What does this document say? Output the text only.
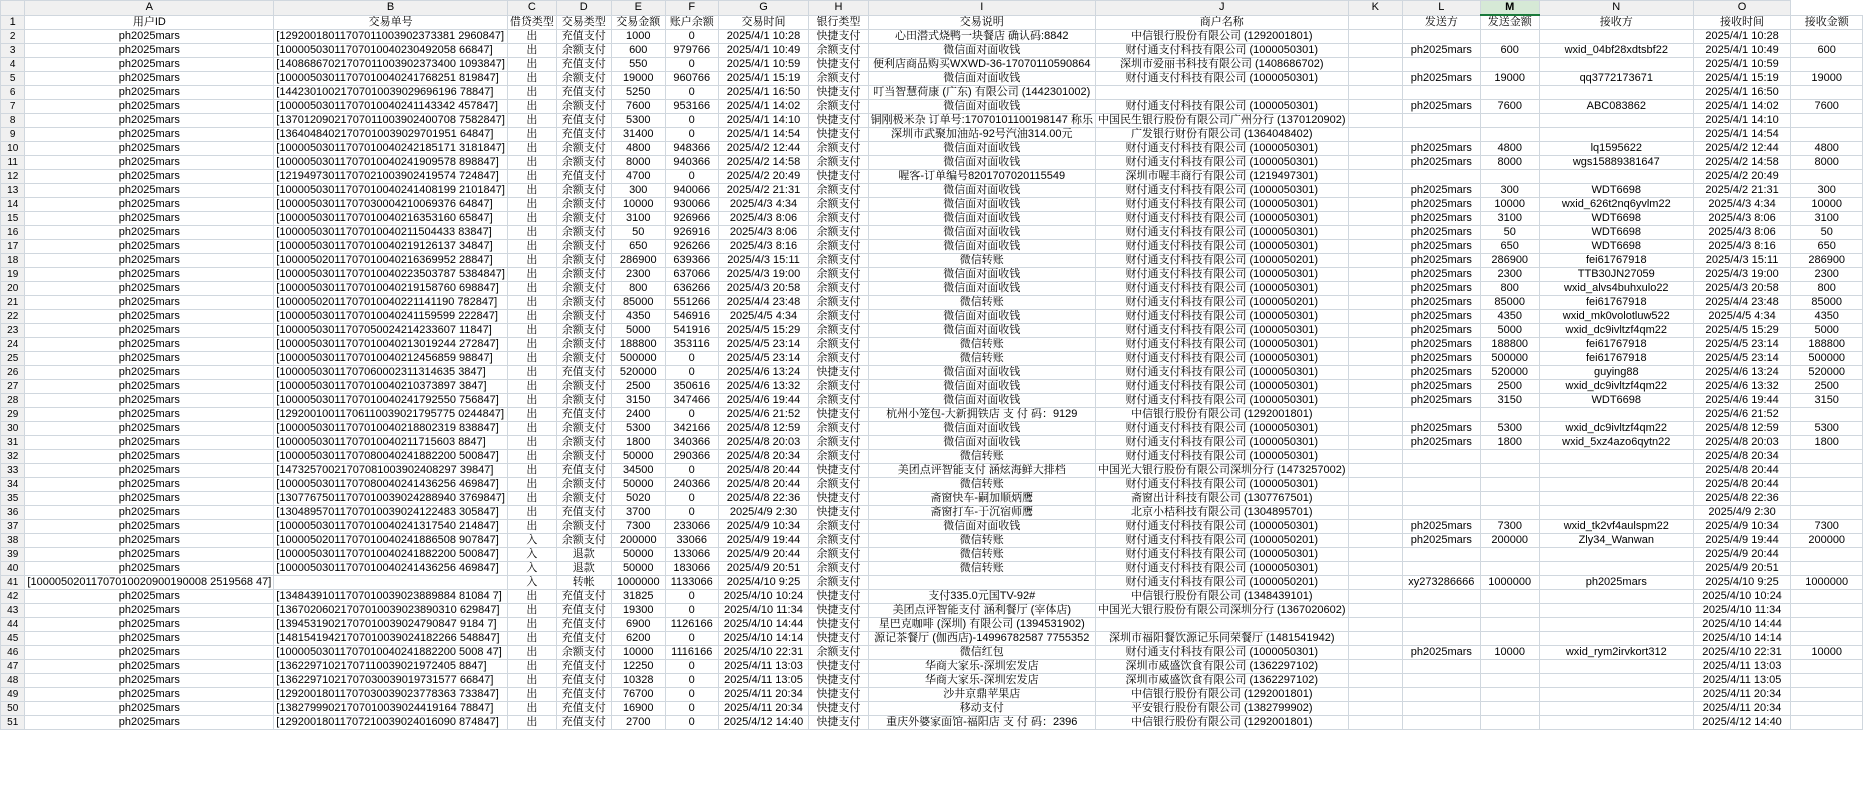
	A	B	C	D	E	F	G	H	I	J	K	L	M	N	O	
1	用户ID	交易单号	借贷类型	交易类型	交易金额	账户余额	交易时间	银行类型	交易说明	商户名称		发送方	发送金额	接收方	接收时间	接收金额
2	ph2025mars	[12920018011707011003902373381 2960847]	出	充值支付	1000	0	2025/4/1 10:28	快捷支付	心田潜式烧鸭一块餐店 确认码:8842	中信银行股份有限公司 (1292001801)					2025/4/1 10:28	
3	ph2025mars	[10000503011707010040230492058 66847]	出	余额支付	600	979766	2025/4/1 10:49	余额支付	微信面对面收钱	财付通支付科技有限公司 (1000050301)		ph2025mars	600	wxid_04bf28xdtsbf22	2025/4/1 10:49	600
4	ph2025mars	[14086867021707011003902373400 1093847]	出	充值支付	550	0	2025/4/1 10:59	快捷支付	便利店商品购买WXWD-36-17070110590864	深圳市爱丽书科技有限公司 (1408686702)					2025/4/1 10:59	
5	ph2025mars	[10000503011707010040241768251 819847]	出	余额支付	19000	960766	2025/4/1 15:19	余额支付	微信面对面收钱	财付通支付科技有限公司 (1000050301)		ph2025mars	19000	qq3772173671	2025/4/1 15:19	19000
6	ph2025mars	[14423010021707010039029696196 78847]	出	充值支付	5250	0	2025/4/1 16:50	快捷支付	叮当智慧荷康 (广东) 有限公司 (1442301002)						2025/4/1 16:50	
7	ph2025mars	[10000503011707010040241143342 457847]	出	余额支付	7600	953166	2025/4/1 14:02	余额支付	微信面对面收钱	财付通支付科技有限公司 (1000050301)		ph2025mars	7600	ABC083862	2025/4/1 14:02	7600
8	ph2025mars	[13701209021707011003902400708 7582847]	出	充值支付	5300	0	2025/4/1 14:10	快捷支付	铜刚极米杂 订单号:17070101100198147 称乐	中国民生银行股份有限公司广州分行 (1370120902)					2025/4/1 14:10	
9	ph2025mars	[13640484021707010039029701951 64847]	出	充值支付	31400	0	2025/4/1 14:54	快捷支付	深圳市武聚加油站-92号汽油314.00元	广发银行财份有限公司 (1364048402)					2025/4/1 14:54	
10	ph2025mars	[10000503011707010040242185171 3181847]	出	余额支付	4800	948366	2025/4/2 12:44	余额支付	微信面对面收钱	财付通支付科技有限公司 (1000050301)		ph2025mars	4800	lq1595622	2025/4/2 12:44	4800
11	ph2025mars	[10000503011707010040241909578 898847]	出	余额支付	8000	940366	2025/4/2 14:58	余额支付	微信面对面收钱	财付通支付科技有限公司 (1000050301)		ph2025mars	8000	wgs15889381647	2025/4/2 14:58	8000
12	ph2025mars	[12194973011707021003902419574 724847]	出	充值支付	4700	0	2025/4/2 20:49	快捷支付	喔客-订单编号8201707020115549	深圳市喔丰商行有限公司 (1219497301)					2025/4/2 20:49	
13	ph2025mars	[10000503011707010040241408199 2101847]	出	余额支付	300	940066	2025/4/2 21:31	余额支付	微信面对面收钱	财付通支付科技有限公司 (1000050301)		ph2025mars	300	WDT6698	2025/4/2 21:31	300
14	ph2025mars	[10000503011707030004210069376 64847]	出	余额支付	10000	930066	2025/4/3 4:34	余额支付	微信面对面收钱	财付通支付科技有限公司 (1000050301)		ph2025mars	10000	wxid_626t2nq6yvlm22	2025/4/3 4:34	10000
15	ph2025mars	[10000503011707010040216353160 65847]	出	余额支付	3100	926966	2025/4/3 8:06	余额支付	微信面对面收钱	财付通支付科技有限公司 (1000050301)		ph2025mars	3100	WDT6698	2025/4/3 8:06	3100
16	ph2025mars	[10000503011707010040211504433 83847]	出	余额支付	50	926916	2025/4/3 8:06	余额支付	微信面对面收钱	财付通支付科技有限公司 (1000050301)		ph2025mars	50	WDT6698	2025/4/3 8:06	50
17	ph2025mars	[10000503011707010040219126137 34847]	出	余额支付	650	926266	2025/4/3 8:16	余额支付	微信面对面收钱	财付通支付科技有限公司 (1000050301)		ph2025mars	650	WDT6698	2025/4/3 8:16	650
18	ph2025mars	[10000502011707010040216369952 28847]	出	余额支付	286900	639366	2025/4/3 15:11	余额支付	微信转账	财付通支付科技有限公司 (1000050201)		ph2025mars	286900	fei61767918	2025/4/3 15:11	286900
19	ph2025mars	[10000503011707010040223503787 5384847]	出	余额支付	2300	637066	2025/4/3 19:00	余额支付	微信面对面收钱	财付通支付科技有限公司 (1000050301)		ph2025mars	2300	TTB30JN27059	2025/4/3 19:00	2300
20	ph2025mars	[10000503011707010040219158760 698847]	出	余额支付	800	636266	2025/4/3 20:58	余额支付	微信面对面收钱	财付通支付科技有限公司 (1000050301)		ph2025mars	800	wxid_alvs4buhxulo22	2025/4/3 20:58	800
21	ph2025mars	[10000502011707010040221141190 782847]	出	余额支付	85000	551266	2025/4/4 23:48	余额支付	微信转账	财付通支付科技有限公司 (1000050201)		ph2025mars	85000	fei61767918	2025/4/4 23:48	85000
22	ph2025mars	[10000503011707010040241159599 222847]	出	余额支付	4350	546916	2025/4/5 4:34	余额支付	微信面对面收钱	财付通支付科技有限公司 (1000050301)		ph2025mars	4350	wxid_mk0volotluw522	2025/4/5 4:34	4350
23	ph2025mars	[10000503011707050024214233607 11847]	出	余额支付	5000	541916	2025/4/5 15:29	余额支付	微信面对面收钱	财付通支付科技有限公司 (1000050301)		ph2025mars	5000	wxid_dc9ivltzf4qm22	2025/4/5 15:29	5000
24	ph2025mars	[10000503011707010040213019244 272847]	出	余额支付	188800	353116	2025/4/5 23:14	余额支付	微信转账	财付通支付科技有限公司 (1000050301)		ph2025mars	188800	fei61767918	2025/4/5 23:14	188800
25	ph2025mars	[10000503011707010040212456859 98847]	出	余额支付	500000	0	2025/4/5 23:14	余额支付	微信转账	财付通支付科技有限公司 (1000050301)		ph2025mars	500000	fei61767918	2025/4/5 23:14	500000
26	ph2025mars	[10000503011707060002311314635 3847]	出	充值支付	520000	0	2025/4/6 13:24	快捷支付	微信面对面收钱	财付通支付科技有限公司 (1000050301)		ph2025mars	520000	guying88	2025/4/6 13:24	520000
27	ph2025mars	[10000503011707010040210373897 3847]	出	余额支付	2500	350616	2025/4/6 13:32	余额支付	微信面对面收钱	财付通支付科技有限公司 (1000050301)		ph2025mars	2500	wxid_dc9ivltzf4qm22	2025/4/6 13:32	2500
28	ph2025mars	[10000503011707010040241792550 756847]	出	余额支付	3150	347466	2025/4/6 19:44	余额支付	微信面对面收钱	财付通支付科技有限公司 (1000050301)		ph2025mars	3150	WDT6698	2025/4/6 19:44	3150
29	ph2025mars	[12920010011706110039021795775 0244847]	出	充值支付	2400	0	2025/4/6 21:52	快捷支付	杭州小笼包-大新拥铁店 支 付 码：9129	中信银行股份有限公司 (1292001801)					2025/4/6 21:52	
30	ph2025mars	[10000503011707010040218802319 838847]	出	余额支付	5300	342166	2025/4/8 12:59	余额支付	微信面对面收钱	财付通支付科技有限公司 (1000050301)		ph2025mars	5300	wxid_dc9ivltzf4qm22	2025/4/8 12:59	5300
31	ph2025mars	[10000503011707010040211715603 8847]	出	余额支付	1800	340366	2025/4/8 20:03	余额支付	微信面对面收钱	财付通支付科技有限公司 (1000050301)		ph2025mars	1800	wxid_5xz4azo6qytn22	2025/4/8 20:03	1800
32	ph2025mars	[10000503011707080040241882200 500847]	出	余额支付	50000	290366	2025/4/8 20:34	余额支付	微信转账	财付通支付科技有限公司 (1000050301)					2025/4/8 20:34	
33	ph2025mars	[14732570021707081003902408297 39847]	出	充值支付	34500	0	2025/4/8 20:44	快捷支付	美团点评智能支付 涵炫海鲜大排档	中国光大银行股份有限公司深圳分行 (1473257002)					2025/4/8 20:44	
34	ph2025mars	[10000503011707080040241436256 469847]	出	余额支付	50000	240366	2025/4/8 20:44	余额支付	微信转账	财付通支付科技有限公司 (1000050301)					2025/4/8 20:44	
35	ph2025mars	[13077675011707010039024288940 3769847]	出	余额支付	5020	0	2025/4/8 22:36	快捷支付	斋窗快车-嗣加顺炳鹰	斋窗出计科技有限公司 (1307767501)					2025/4/8 22:36	
36	ph2025mars	[13048957011707010039024122483 305847]	出	充值支付	3700	0	2025/4/9 2:30	快捷支付	斋窗打车-于沉宿师鹰	北京小桔科技有限公司 (1304895701)					2025/4/9 2:30	
37	ph2025mars	[10000503011707010040241317540 214847]	出	余额支付	7300	233066	2025/4/9 10:34	余额支付	微信面对面收钱	财付通支付科技有限公司 (1000050301)		ph2025mars	7300	wxid_tk2vf4aulspm22	2025/4/9 10:34	7300
38	ph2025mars	[10000502011707010040241886508 907847]	入	余额支付	200000	33066	2025/4/9 19:44	余额支付	微信转账	财付通支付科技有限公司 (1000050201)		ph2025mars	200000	Zly34_Wanwan	2025/4/9 19:44	200000
39	ph2025mars	[10000503011707010040241882200 500847]	入	退款	50000	133066	2025/4/9 20:44	余额支付	微信转账	财付通支付科技有限公司 (1000050301)					2025/4/9 20:44	
40	ph2025mars	[10000503011707010040241436256 469847]	入	退款	50000	183066	2025/4/9 20:51	余额支付	微信转账	财付通支付科技有限公司 (1000050301)					2025/4/9 20:51	
41	[10000502011707010020900190008 2519568 47]		入	转帐	1000000	1133066	2025/4/10 9:25	余额支付		财付通支付科技有限公司 (1000050201)		xy273286666	1000000	ph2025mars	2025/4/10 9:25	1000000
42	ph2025mars	[13484391011707010039023889884 81084 7]	出	充值支付	31825	0	2025/4/10 10:24	快捷支付	支付335.0元国TV-92#	中信银行股份有限公司 (1348439101)					2025/4/10 10:24	
43	ph2025mars	[13670206021707010039023890310 629847]	出	充值支付	19300	0	2025/4/10 11:34	快捷支付	美团点评智能支付 涵利餐厅 (宰体店)	中国光大银行股份有限公司深圳分行 (1367020602)					2025/4/10 11:34	
44	ph2025mars	[13945319021707010039024790847 9184 7]	出	充值支付	6900	1126166	2025/4/10 14:44	快捷支付	星巴克咖啡 (深圳) 有限公司 (1394531902)						2025/4/10 14:44	
45	ph2025mars	[14815419421707010039024182266 548847]	出	充值支付	6200	0	2025/4/10 14:14	快捷支付	源记茶餐厅 (伽西店)-14996782587 7755352	深圳市福阳餐饮源记乐同荣餐厅 (1481541942)					2025/4/10 14:14	
46	ph2025mars	[10000503011707010040241882200 5008 47]	出	余额支付	10000	1116166	2025/4/10 22:31	余额支付	微信红包	财付通支付科技有限公司 (1000050301)		ph2025mars	10000	wxid_rym2irvkort312	2025/4/10 22:31	10000
47	ph2025mars	[13622971021707110039021972405 8847]	出	充值支付	12250	0	2025/4/11 13:03	快捷支付	华商大家乐-深圳宏发店	深圳市威盛饮食有限公司 (1362297102)					2025/4/11 13:03	
48	ph2025mars	[13622971021707030039019731577 66847]	出	充值支付	10328	0	2025/4/11 13:05	快捷支付	华商大家乐-深圳宏发店	深圳市威盛饮食有限公司 (1362297102)					2025/4/11 13:05	
49	ph2025mars	[12920018011707030039023778363 733847]	出	充值支付	76700	0	2025/4/11 20:34	快捷支付	沙井京鼎苹果店	中信银行股份有限公司 (1292001801)					2025/4/11 20:34	
50	ph2025mars	[13827999021707010039024419164 78847]	出	充值支付	16900	0	2025/4/11 20:34	快捷支付	移动支付	平安银行股份有限公司 (1382799902)					2025/4/11 20:34	
51	ph2025mars	[12920018011707210039024016090 874847]	出	充值支付	2700	0	2025/4/12 14:40	快捷支付	重庆外婆家面馆-福阳店 支 付 码：2396	中信银行股份有限公司 (1292001801)					2025/4/12 14:40	
